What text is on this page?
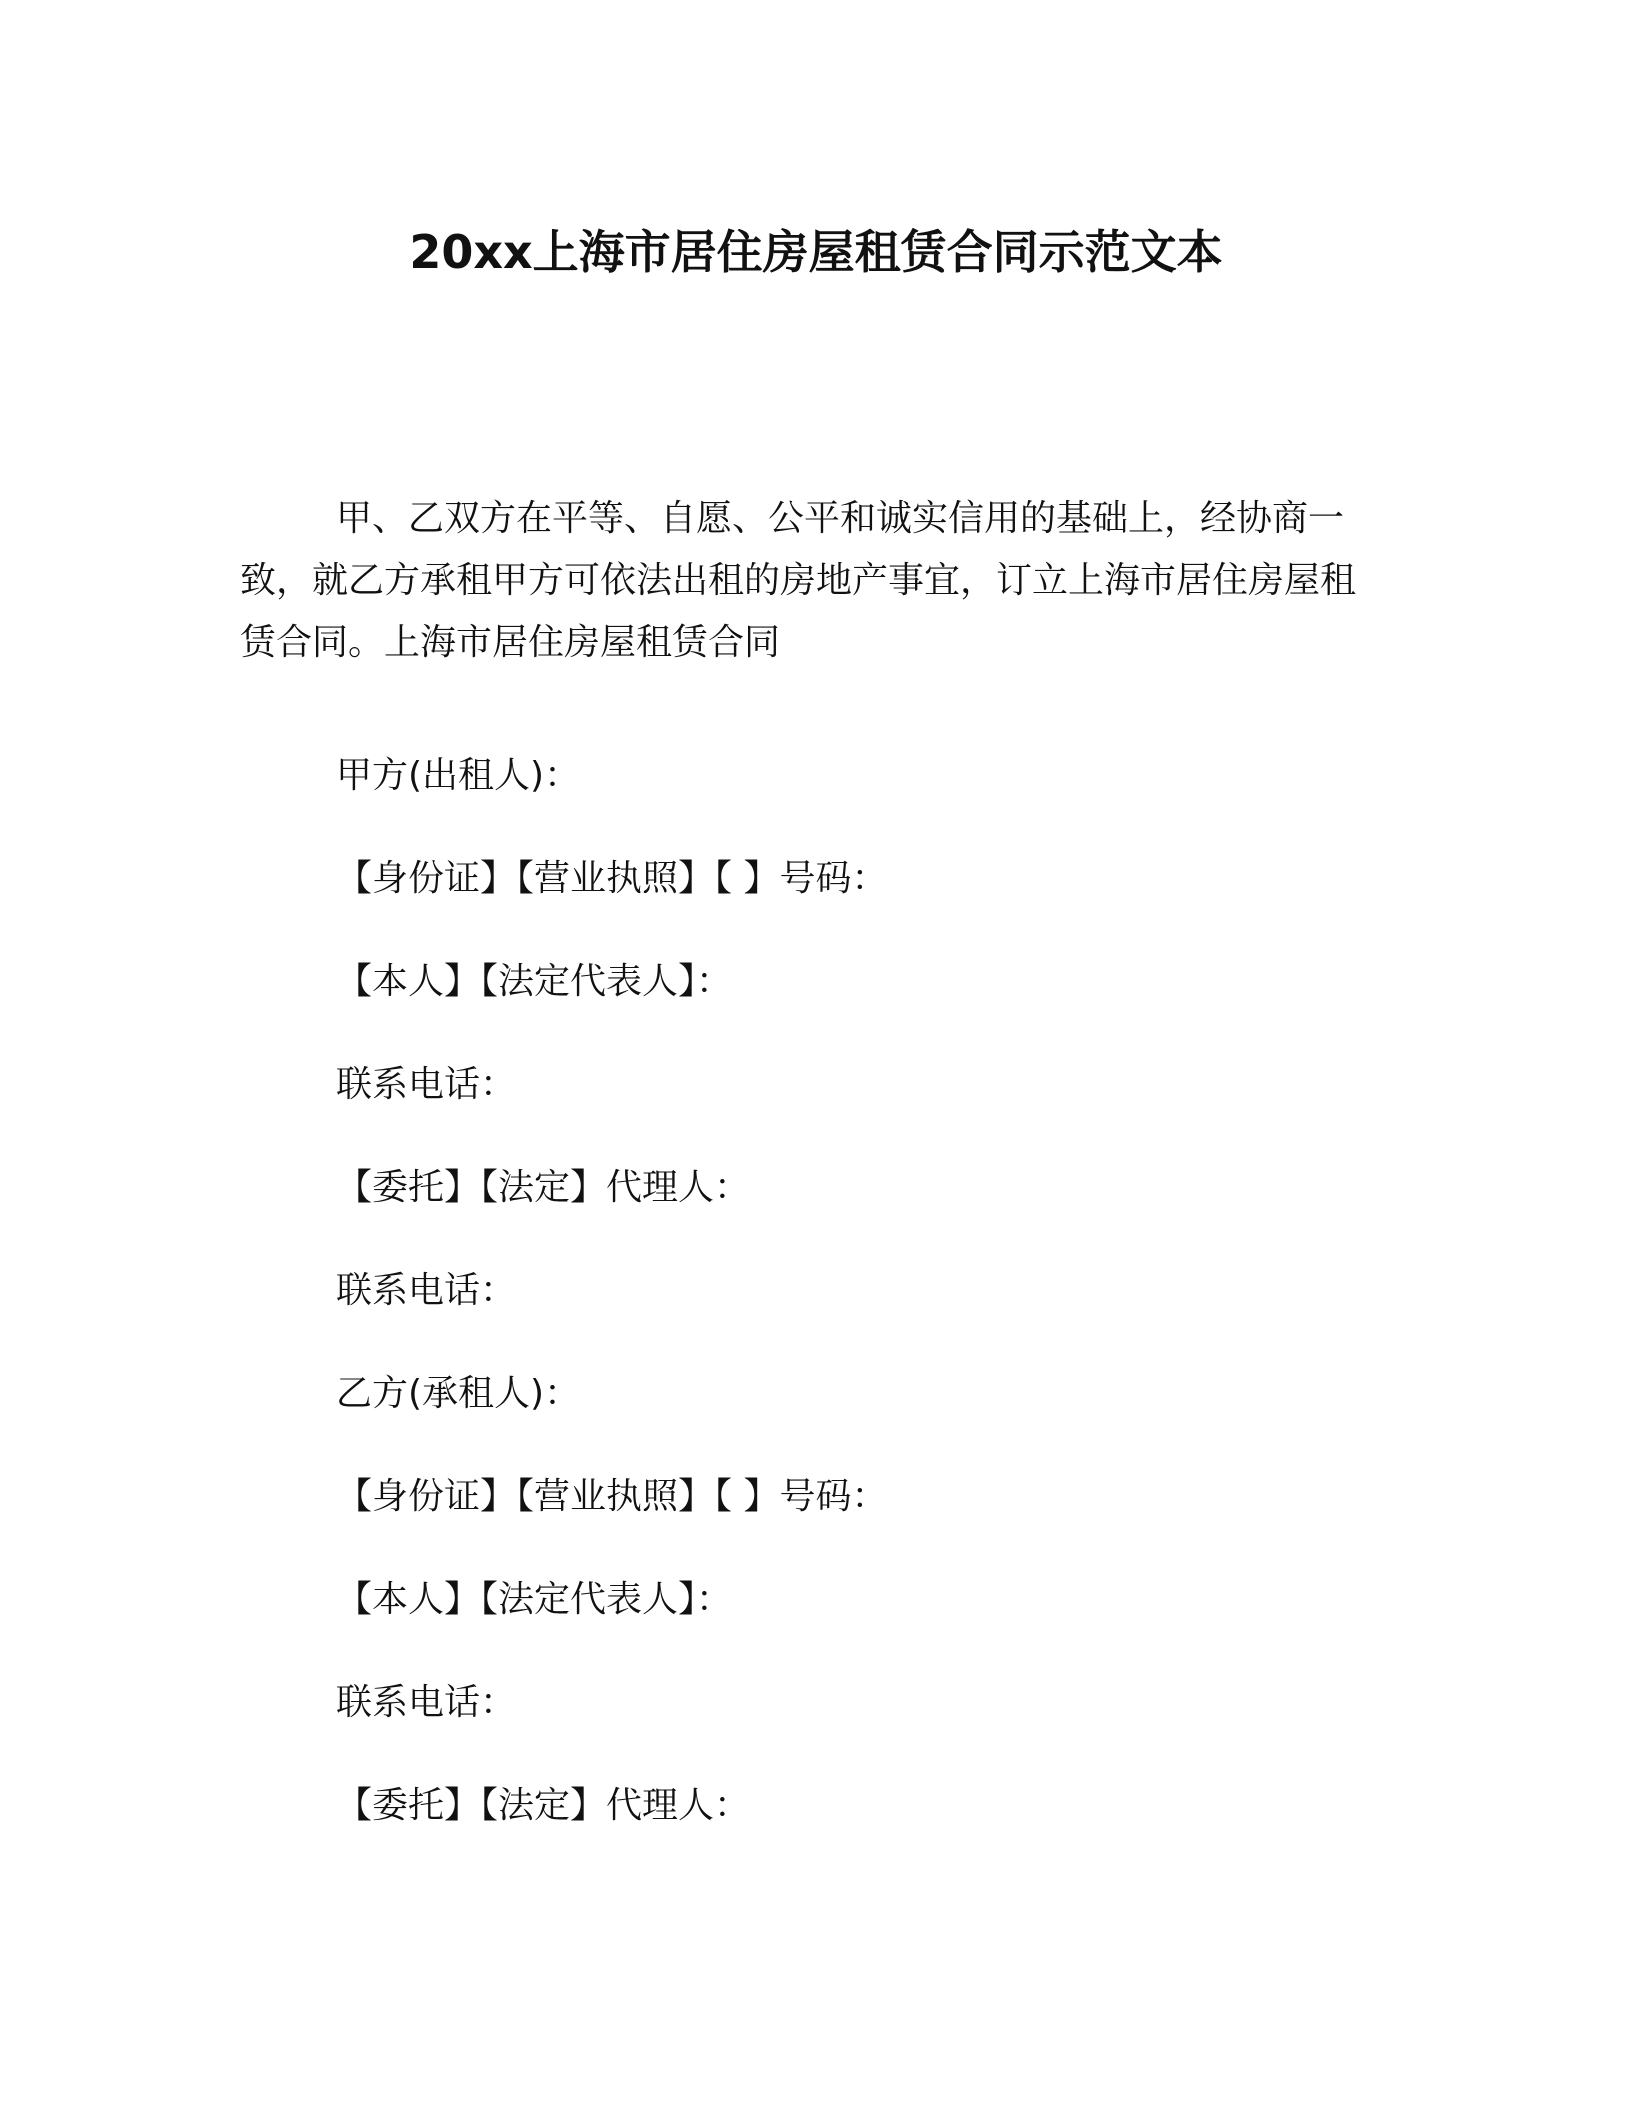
20xx上海市居住房屋租赁合同示范文本

甲、乙双方在平等、自愿、公平和诚实信用的基础上，经协商一致，就乙方承租甲方可依法出租的房地产事宜，订立上海市居住房屋租赁合同。上海市居住房屋租赁合同

甲方(出租人)：

【身份证】【营业执照】【 】号码：

【本人】【法定代表人】：

联系电话：

【委托】【法定】代理人：

联系电话：

乙方(承租人)：

【身份证】【营业执照】【 】号码：

【本人】【法定代表人】：

联系电话：

【委托】【法定】代理人：
